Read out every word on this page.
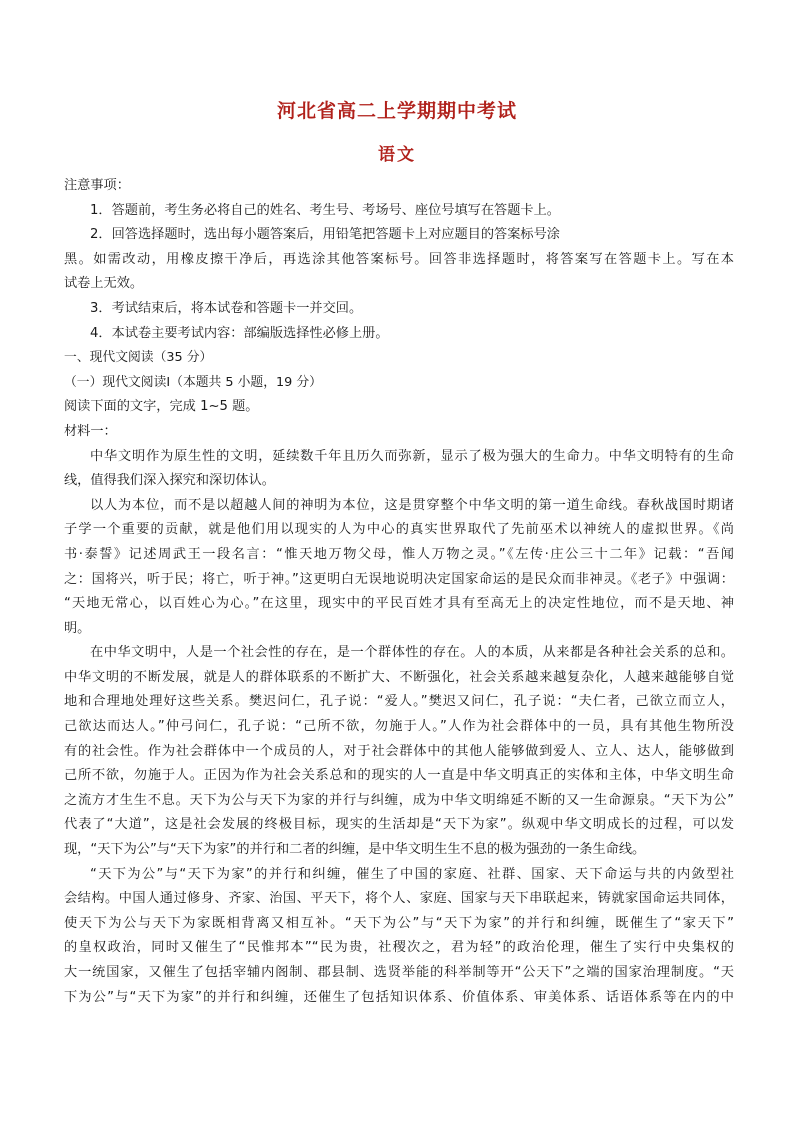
河北省高二上学期期中考试
语文
注意事项：
1．答题前，考生务必将自己的姓名、考生号、考场号、座位号填写在答题卡上。
2．回答选择题时，选出每小题答案后，用铅笔把答题卡上对应题目的答案标号涂
黑。如需改动，用橡皮擦干净后，再选涂其他答案标号。回答非选择题时，将答案写在答题卡上。写在本
试卷上无效。
3．考试结束后，将本试卷和答题卡一并交回。
4．本试卷主要考试内容：部编版选择性必修上册。
一、现代文阅读（35 分）
（一）现代文阅读Ⅰ（本题共 5 小题，19 分）
阅读下面的文字，完成 1~5 题。
材料一：
中华文明作为原生性的文明，延续数千年且历久而弥新，显示了极为强大的生命力。中华文明特有的生命
线，值得我们深入探究和深切体认。
以人为本位，而不是以超越人间的神明为本位，这是贯穿整个中华文明的第一道生命线。春秋战国时期诸
子学一个重要的贡献，就是他们用以现实的人为中心的真实世界取代了先前巫术以神统人的虚拟世界。《尚
书·泰誓》记述周武王一段名言：“惟天地万物父母，惟人万物之灵。”《左传·庄公三十二年》记载：“吾闻
之：国将兴，听于民；将亡，听于神。”这更明白无误地说明决定国家命运的是民众而非神灵。《老子》中强调：
“天地无常心，以百姓心为心。”在这里，现实中的平民百姓才具有至高无上的决定性地位，而不是天地、神
明。
在中华文明中，人是一个社会性的存在，是一个群体性的存在。人的本质，从来都是各种社会关系的总和。
中华文明的不断发展，就是人的群体联系的不断扩大、不断强化，社会关系越来越复杂化，人越来越能够自觉
地和合理地处理好这些关系。樊迟问仁，孔子说：“爱人。”樊迟又问仁，孔子说：“夫仁者，己欲立而立人，
己欲达而达人。”仲弓问仁，孔子说：“己所不欲，勿施于人。”人作为社会群体中的一员，具有其他生物所没
有的社会性。作为社会群体中一个成员的人，对于社会群体中的其他人能够做到爱人、立人、达人，能够做到
己所不欲，勿施于人。正因为作为社会关系总和的现实的人一直是中华文明真正的实体和主体，中华文明生命
之流方才生生不息。天下为公与天下为家的并行与纠缠，成为中华文明绵延不断的又一生命源泉。“天下为公”
代表了“大道”，这是社会发展的终极目标，现实的生活却是“天下为家”。纵观中华文明成长的过程，可以发
现，“天下为公”与“天下为家”的并行和二者的纠缠，是中华文明生生不息的极为强劲的一条生命线。
“天下为公”与“天下为家”的并行和纠缠，催生了中国的家庭、社群、国家、天下命运与共的内敛型社
会结构。中国人通过修身、齐家、治国、平天下，将个人、家庭、国家与天下串联起来，铸就家国命运共同体，
使天下为公与天下为家既相背离又相互补。“天下为公”与“天下为家”的并行和纠缠，既催生了“家天下”
的皇权政治，同时又催生了“民惟邦本”“民为贵，社稷次之，君为轻”的政治伦理，催生了实行中央集权的
大一统国家，又催生了包括宰辅内阁制、郡县制、选贤举能的科举制等开“公天下”之端的国家治理制度。“天
下为公”与“天下为家”的并行和纠缠，还催生了包括知识体系、价值体系、审美体系、话语体系等在内的中
